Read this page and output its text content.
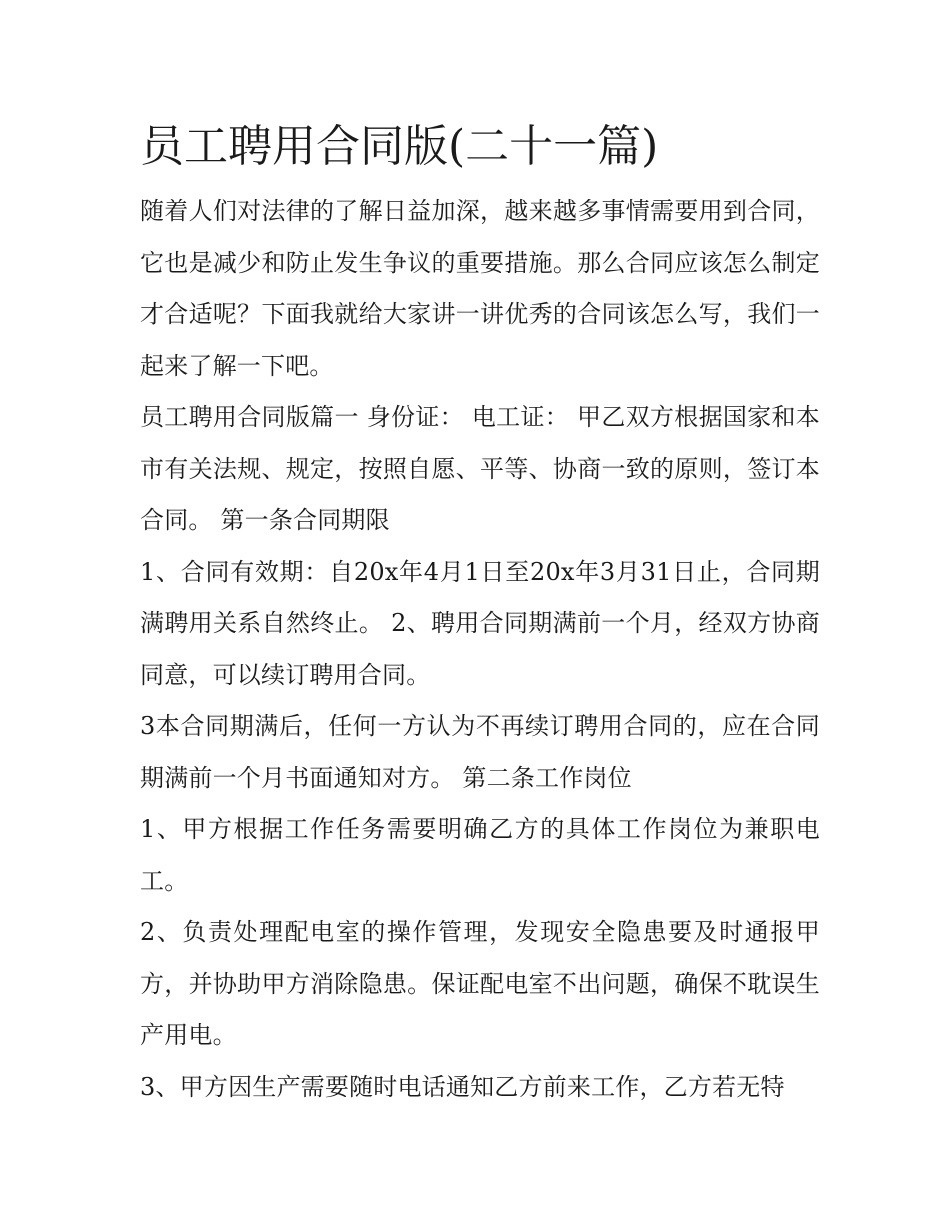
员工聘用合同版(二十一篇)

随着人们对法律的了解日益加深，越来越多事情需要用到合同，它也是减少和防止发生争议的重要措施。那么合同应该怎么制定才合适呢？下面我就给大家讲一讲优秀的合同该怎么写，我们一起来了解一下吧。

员工聘用合同版篇一 身份证： 电工证： 甲乙双方根据国家和本市有关法规、规定，按照自愿、平等、协商一致的原则，签订本合同。 第一条合同期限

1、合同有效期：自20x年4月1日至20x年3月31日止，合同期满聘用关系自然终止。 2、聘用合同期满前一个月，经双方协商同意，可以续订聘用合同。

3本合同期满后，任何一方认为不再续订聘用合同的，应在合同期满前一个月书面通知对方。 第二条工作岗位

1、甲方根据工作任务需要明确乙方的具体工作岗位为兼职电工。

2、负责处理配电室的操作管理，发现安全隐患要及时通报甲方，并协助甲方消除隐患。保证配电室不出问题，确保不耽误生产用电。

3、甲方因生产需要随时电话通知乙方前来工作，乙方若无特
